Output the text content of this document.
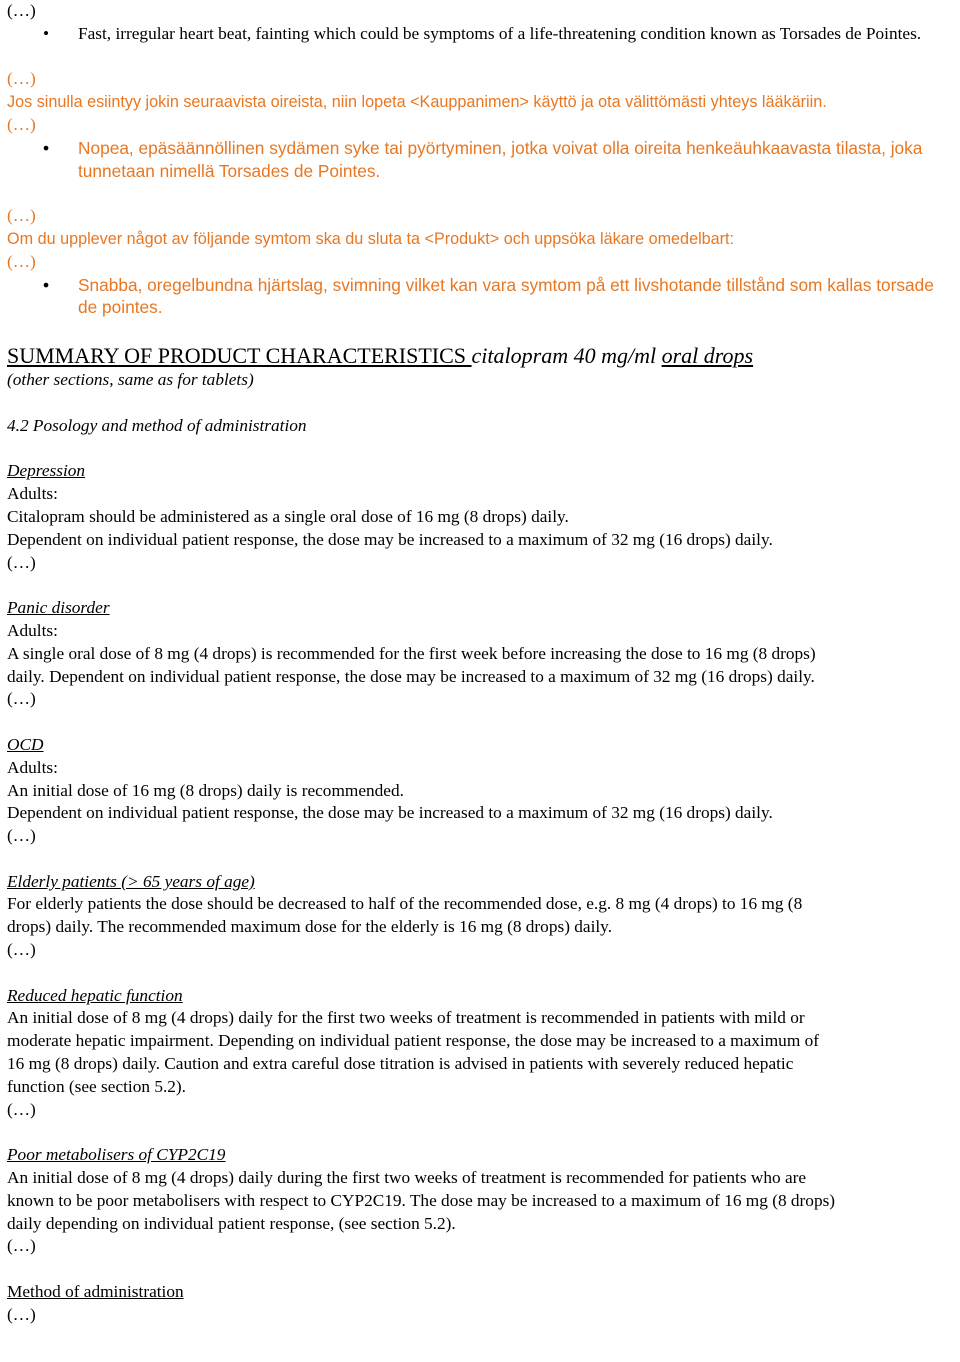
(…)
• Fast, irregular heart beat, fainting which could be symptoms of a life-threatening condition known as Torsades de Pointes.
(…)
Jos sinulla esiintyy jokin seuraavista oireista, niin lopeta <Kauppanimen> käyttö ja ota välittömästi yhteys lääkäriin.
(…)
• Nopea, epäsäännöllinen sydämen syke tai pyörtyminen, jotka voivat olla oireita henkeäuhkaavasta tilasta, joka tunnetaan nimellä Torsades de Pointes.
(…)
Om du upplever något av följande symtom ska du sluta ta <Produkt> och uppsöka läkare omedelbart:
(…)
• Snabba, oregelbundna hjärtslag, svimning vilket kan vara symtom på ett livshotande tillstånd som kallas torsade de pointes.
SUMMARY OF PRODUCT CHARACTERISTICS citalopram 40 mg/ml oral drops
(other sections, same as for tablets)
4.2 Posology and method of administration
Depression
Adults:
Citalopram should be administered as a single oral dose of 16 mg (8 drops) daily.
Dependent on individual patient response, the dose may be increased to a maximum of 32 mg (16 drops) daily.
(…)
Panic disorder
Adults:
A single oral dose of 8 mg (4 drops) is recommended for the first week before increasing the dose to 16 mg (8 drops)
daily. Dependent on individual patient response, the dose may be increased to a maximum of 32 mg (16 drops) daily.
(…)
OCD
Adults:
An initial dose of 16 mg (8 drops) daily is recommended.
Dependent on individual patient response, the dose may be increased to a maximum of 32 mg (16 drops) daily.
(…)
Elderly patients (> 65 years of age)
For elderly patients the dose should be decreased to half of the recommended dose, e.g. 8 mg (4 drops) to 16 mg (8
drops) daily. The recommended maximum dose for the elderly is 16 mg (8 drops) daily.
(…)
Reduced hepatic function
An initial dose of 8 mg (4 drops) daily for the first two weeks of treatment is recommended in patients with mild or
moderate hepatic impairment. Depending on individual patient response, the dose may be increased to a maximum of
16 mg (8 drops) daily. Caution and extra careful dose titration is advised in patients with severely reduced hepatic
function (see section 5.2).
(…)
Poor metabolisers of CYP2C19
An initial dose of 8 mg (4 drops) daily during the first two weeks of treatment is recommended for patients who are
known to be poor metabolisers with respect to CYP2C19. The dose may be increased to a maximum of 16 mg (8 drops)
daily depending on individual patient response, (see section 5.2).
(…)
Method of administration
(…)
